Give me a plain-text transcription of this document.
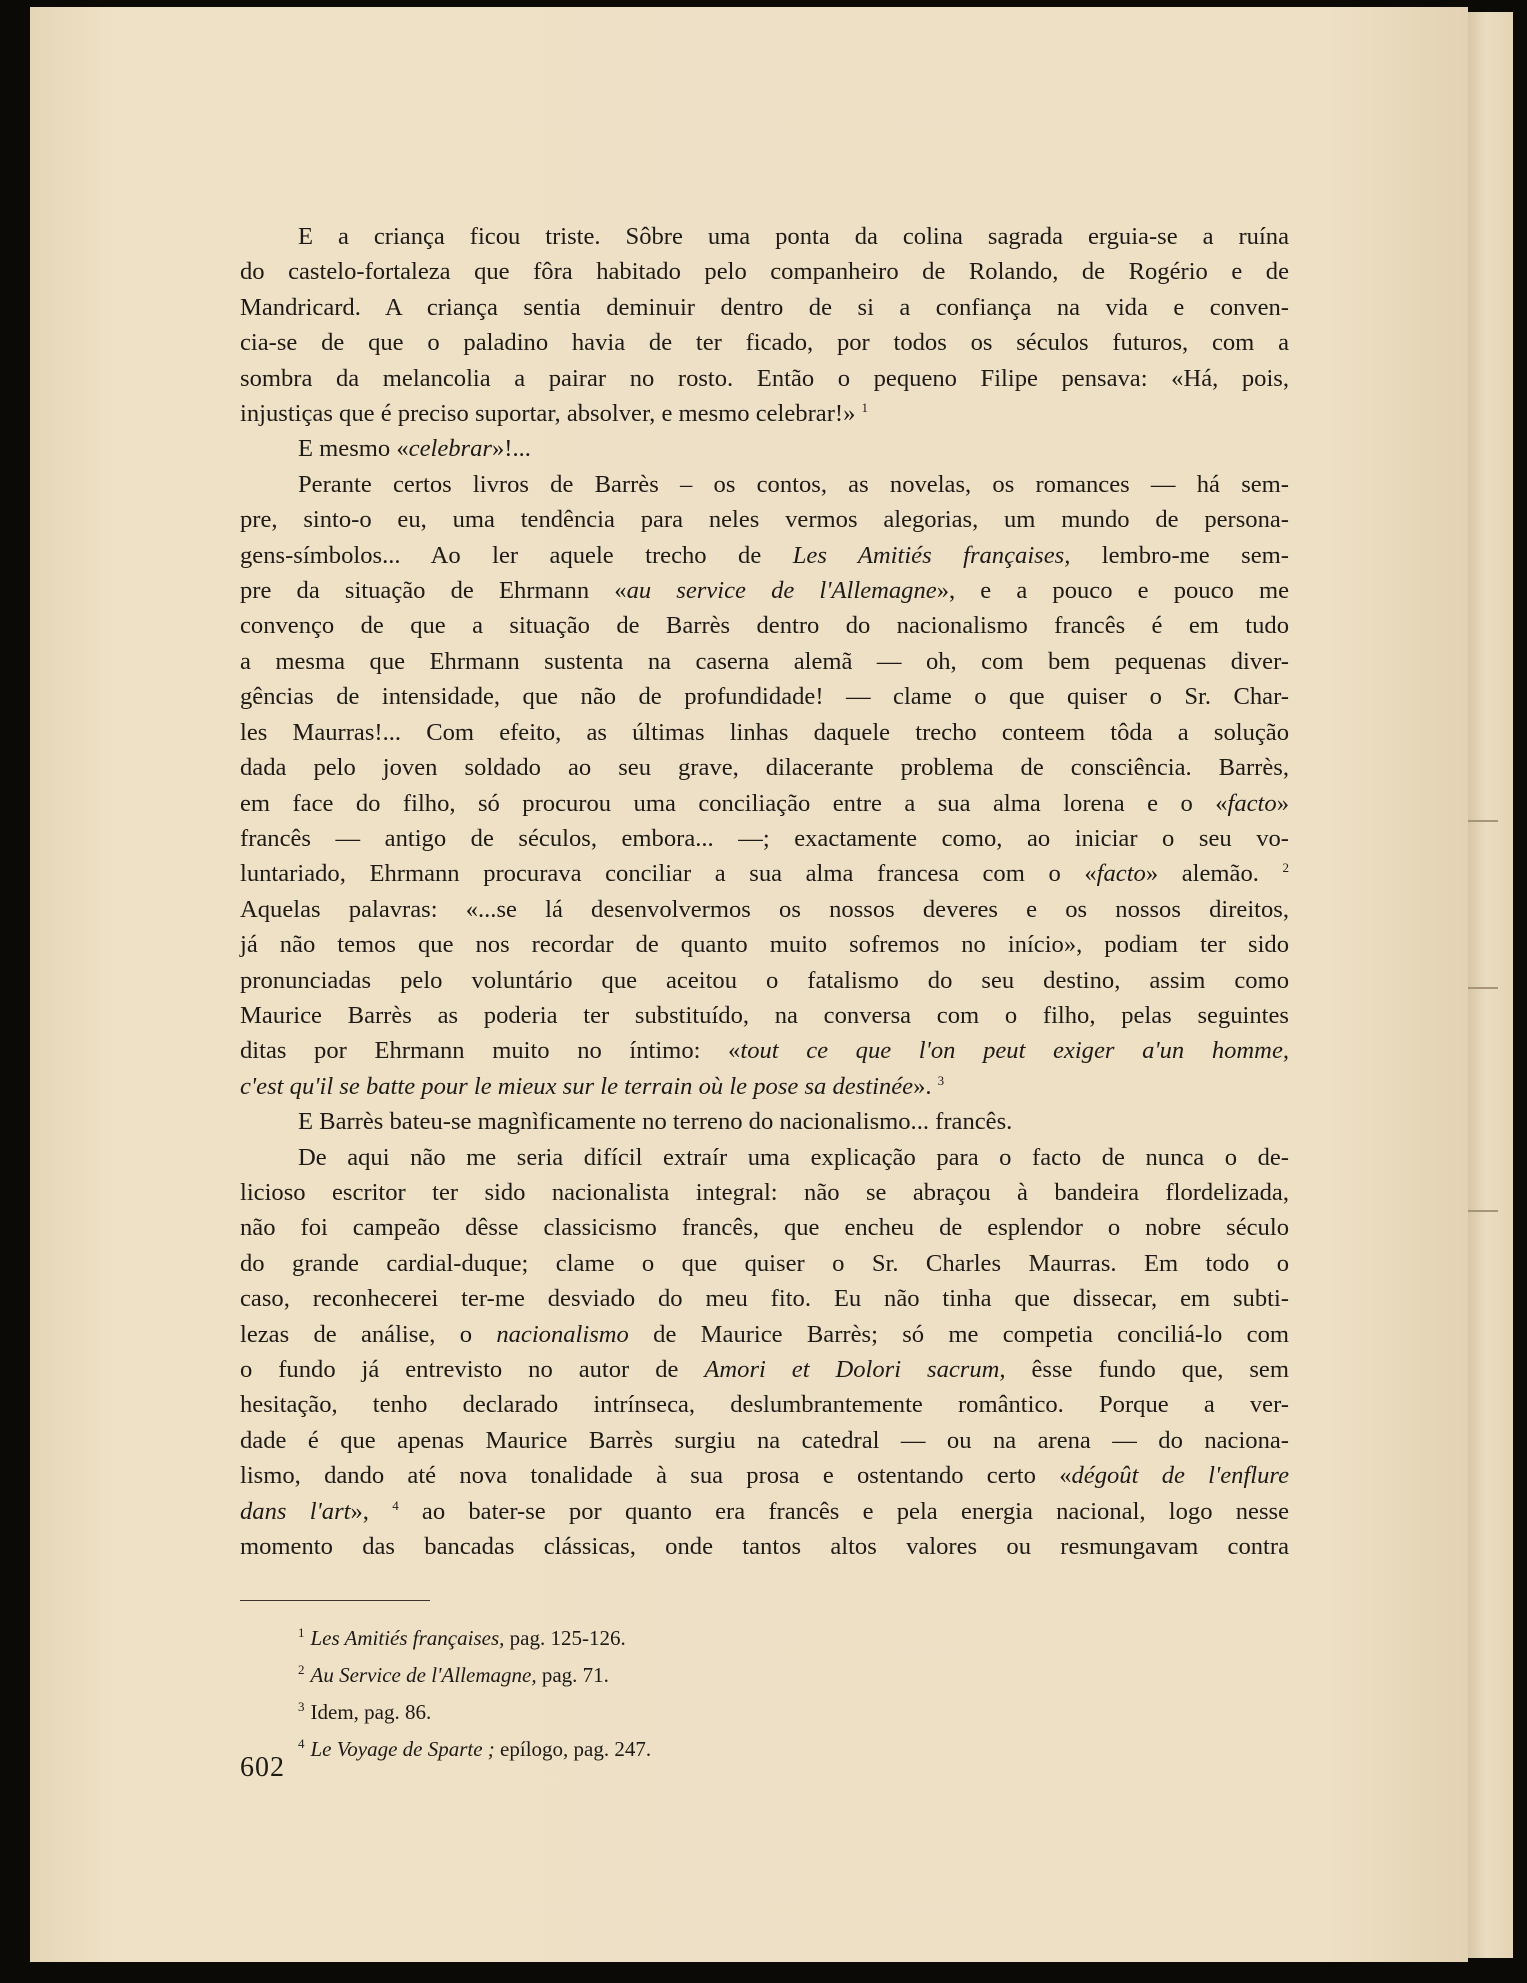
E a criança ficou triste. Sôbre uma ponta da colina sagrada erguia-se a ruína
do castelo-fortaleza que fôra habitado pelo companheiro de Rolando, de Rogério e de
Mandricard. A criança sentia deminuir dentro de si a confiança na vida e conven-
cia-se de que o paladino havia de ter ficado, por todos os séculos futuros, com a
sombra da melancolia a pairar no rosto. Então o pequeno Filipe pensava: «Há, pois,
injustiças que é preciso suportar, absolver, e mesmo celebrar!» $^1$
E mesmo «celebrar»!...
Perante certos livros de Barrès – os contos, as novelas, os romances — há sem-
pre, sinto-o eu, uma tendência para neles vermos alegorias, um mundo de persona-
gens-símbolos... Ao ler aquele trecho de Les Amitiés françaises, lembro-me sem-
pre da situação de Ehrmann «au service de l'Allemagne», e a pouco e pouco me
convenço de que a situação de Barrès dentro do nacionalismo francês é em tudo
a mesma que Ehrmann sustenta na caserna alemã — oh, com bem pequenas diver-
gências de intensidade, que não de profundidade! — clame o que quiser o Sr. Char-
les Maurras!... Com efeito, as últimas linhas daquele trecho conteem tôda a solução
dada pelo joven soldado ao seu grave, dilacerante problema de consciência. Barrès,
em face do filho, só procurou uma conciliação entre a sua alma lorena e o «facto»
francês — antigo de séculos, embora... —; exactamente como, ao iniciar o seu vo-
luntariado, Ehrmann procurava conciliar a sua alma francesa com o «facto» alemão. $^2$
Aquelas palavras: «...se lá desenvolvermos os nossos deveres e os nossos direitos,
já não temos que nos recordar de quanto muito sofremos no início», podiam ter sido
pronunciadas pelo voluntário que aceitou o fatalismo do seu destino, assim como
Maurice Barrès as poderia ter substituído, na conversa com o filho, pelas seguintes
ditas por Ehrmann muito no íntimo: «tout ce que l'on peut exiger a'un homme,
c'est qu'il se batte pour le mieux sur le terrain où le pose sa destinée». $^3$
E Barrès bateu-se magnìficamente no terreno do nacionalismo... francês.
De aqui não me seria difícil extraír uma explicação para o facto de nunca o de-
licioso escritor ter sido nacionalista integral: não se abraçou à bandeira flordelizada,
não foi campeão dêsse classicismo francês, que encheu de esplendor o nobre século
do grande cardial-duque; clame o que quiser o Sr. Charles Maurras. Em todo o
caso, reconhecerei ter-me desviado do meu fito. Eu não tinha que dissecar, em subti-
lezas de análise, o nacionalismo de Maurice Barrès; só me competia conciliá-lo com
o fundo já entrevisto no autor de Amori et Dolori sacrum, êsse fundo que, sem
hesitação, tenho declarado intrínseca, deslumbrantemente romântico. Porque a ver-
dade é que apenas Maurice Barrès surgiu na catedral — ou na arena — do naciona-
lismo, dando até nova tonalidade à sua prosa e ostentando certo «dégoût de l'enflure
dans l'art», $^4$ ao bater-se por quanto era francês e pela energia nacional, logo nesse
momento das bancadas clássicas, onde tantos altos valores ou resmungavam contra

$^1$ Les Amitiés françaises, pag. 125-126.

$^2$ Au Service de l'Allemagne, pag. 71.

$^3$ Idem, pag. 86.

$^4$ Le Voyage de Sparte ; epílogo, pag. 247.

602
